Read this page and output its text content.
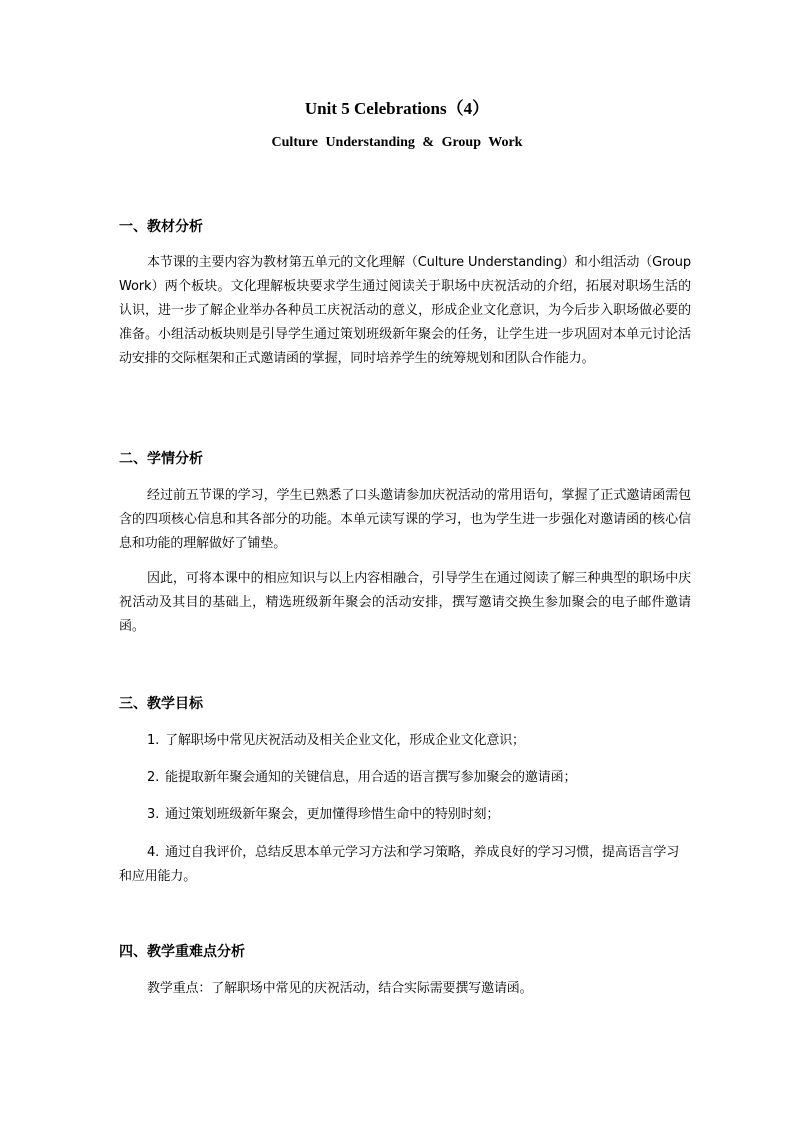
Unit 5 Celebrations（4）
Culture Understanding & Group Work
一、教材分析

本节课的主要内容为教材第五单元的文化理解（Culture Understanding）和小组活动（Group Work）两个板块。文化理解板块要求学生通过阅读关于职场中庆祝活动的介绍，拓展对职场生活的认识，进一步了解企业举办各种员工庆祝活动的意义，形成企业文化意识，为今后步入职场做必要的准备。小组活动板块则是引导学生通过策划班级新年聚会的任务，让学生进一步巩固对本单元讨论活动安排的交际框架和正式邀请函的掌握，同时培养学生的统筹规划和团队合作能力。

二、学情分析

经过前五节课的学习，学生已熟悉了口头邀请参加庆祝活动的常用语句，掌握了正式邀请函需包含的四项核心信息和其各部分的功能。本单元读写课的学习，也为学生进一步强化对邀请函的核心信息和功能的理解做好了铺垫。

因此，可将本课中的相应知识与以上内容相融合，引导学生在通过阅读了解三种典型的职场中庆祝活动及其目的基础上，精选班级新年聚会的活动安排，撰写邀请交换生参加聚会的电子邮件邀请函。

三、教学目标

1. 了解职场中常见庆祝活动及相关企业文化，形成企业文化意识；

2. 能提取新年聚会通知的关键信息，用合适的语言撰写参加聚会的邀请函；

3. 通过策划班级新年聚会，更加懂得珍惜生命中的特别时刻；

4. 通过自我评价，总结反思本单元学习方法和学习策略，养成良好的学习习惯，提高语言学习和应用能力。

四、教学重难点分析

教学重点：了解职场中常见的庆祝活动，结合实际需要撰写邀请函。
